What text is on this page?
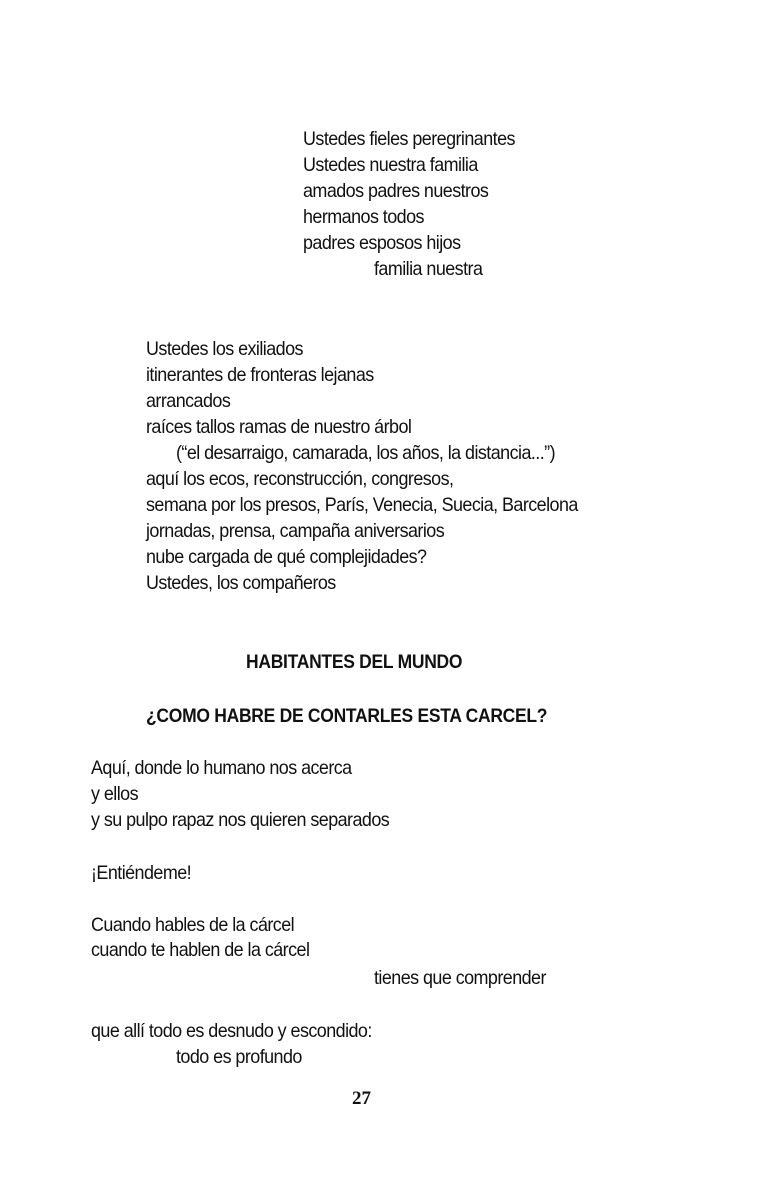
Ustedes fieles peregrinantes
Ustedes nuestra familia
amados padres nuestros
hermanos todos
padres esposos hijos
familia nuestra
Ustedes los exiliados
itinerantes de fronteras lejanas
arrancados
raíces tallos ramas de nuestro árbol
(“el desarraigo, camarada, los años, la distancia...”)
aquí los ecos, reconstrucción, congresos,
semana por los presos, París, Venecia, Suecia, Barcelona
jornadas, prensa, campaña aniversarios
nube cargada de qué complejidades?
Ustedes, los compañeros
HABITANTES DEL MUNDO
¿COMO HABRE DE CONTARLES ESTA CARCEL?
Aquí, donde lo humano nos acerca
y ellos
y su pulpo rapaz nos quieren separados
¡Entiéndeme!
Cuando hables de la cárcel
cuando te hablen de la cárcel
tienes que comprender
que allí todo es desnudo y escondido:
todo es profundo
27
